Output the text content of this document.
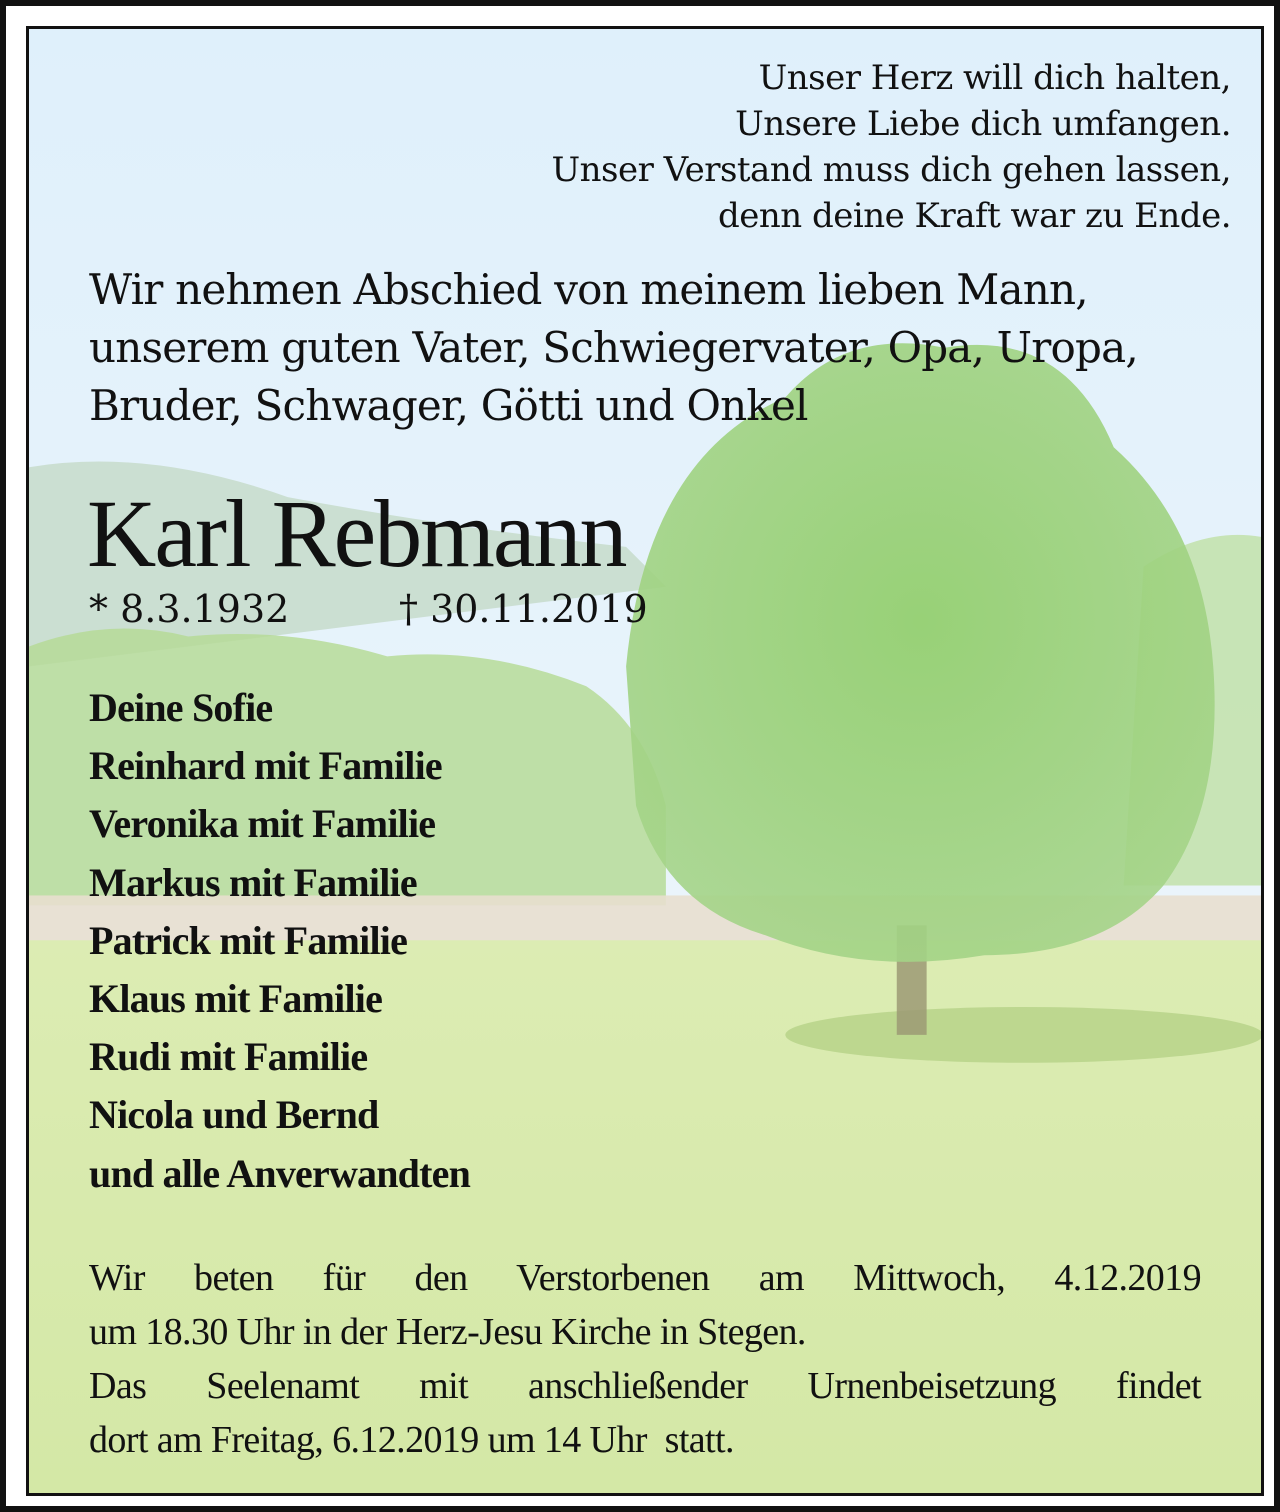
Unser Herz will dich halten,
Unsere Liebe dich umfangen.
Unser Verstand muss dich gehen lassen,
denn deine Kraft war zu Ende.
Wir nehmen Abschied von meinem lieben Mann,
unserem guten Vater, Schwiegervater, Opa, Uropa,
Bruder, Schwager, Götti und Onkel
Karl Rebmann
* 8.3.1932	† 30.11.2019
Deine Sofie
Reinhard mit Familie
Veronika mit Familie
Markus mit Familie
Patrick mit Familie
Klaus mit Familie
Rudi mit Familie
Nicola und Bernd
und alle Anverwandten
Wir beten für den Verstorbenen am Mittwoch, 4.12.2019
um 18.30 Uhr in der Herz-Jesu Kirche in Stegen.
Das Seelenamt mit anschließender Urnenbeisetzung findet
dort am Freitag, 6.12.2019 um 14 Uhr  statt.
